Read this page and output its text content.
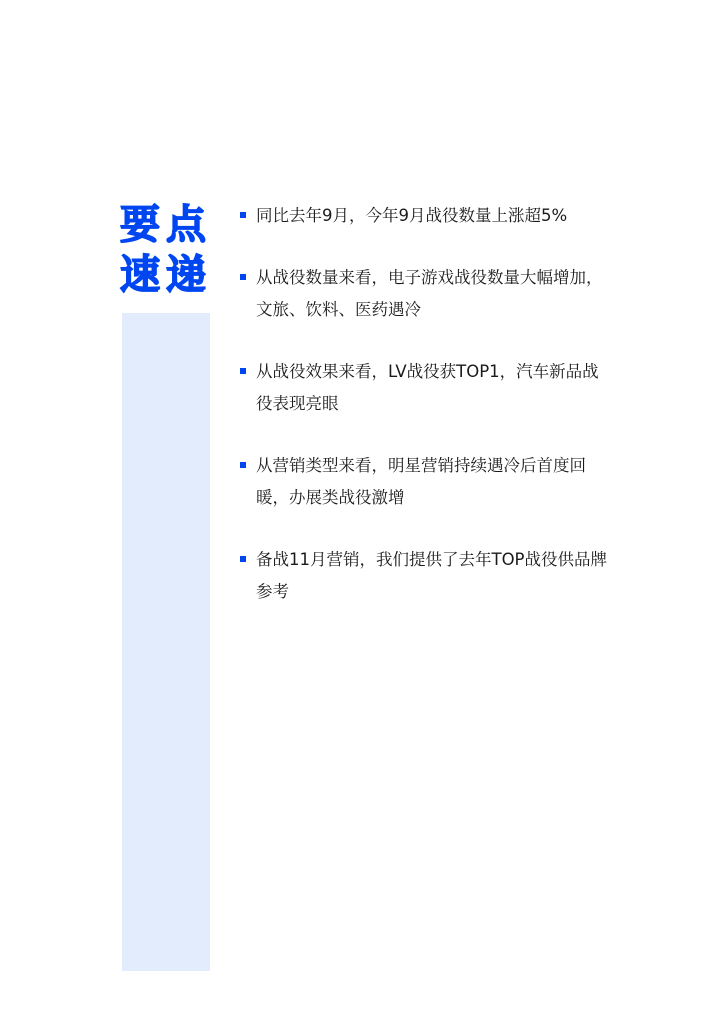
要点
速递
同比去年9月，今年9月战役数量上涨超5%
从战役数量来看，电子游戏战役数量大幅增加，文旅、饮料、医药遇冷
从战役效果来看，LV战役获TOP1，汽车新品战役表现亮眼
从营销类型来看，明星营销持续遇冷后首度回暖，办展类战役激增
备战11月营销，我们提供了去年TOP战役供品牌参考
